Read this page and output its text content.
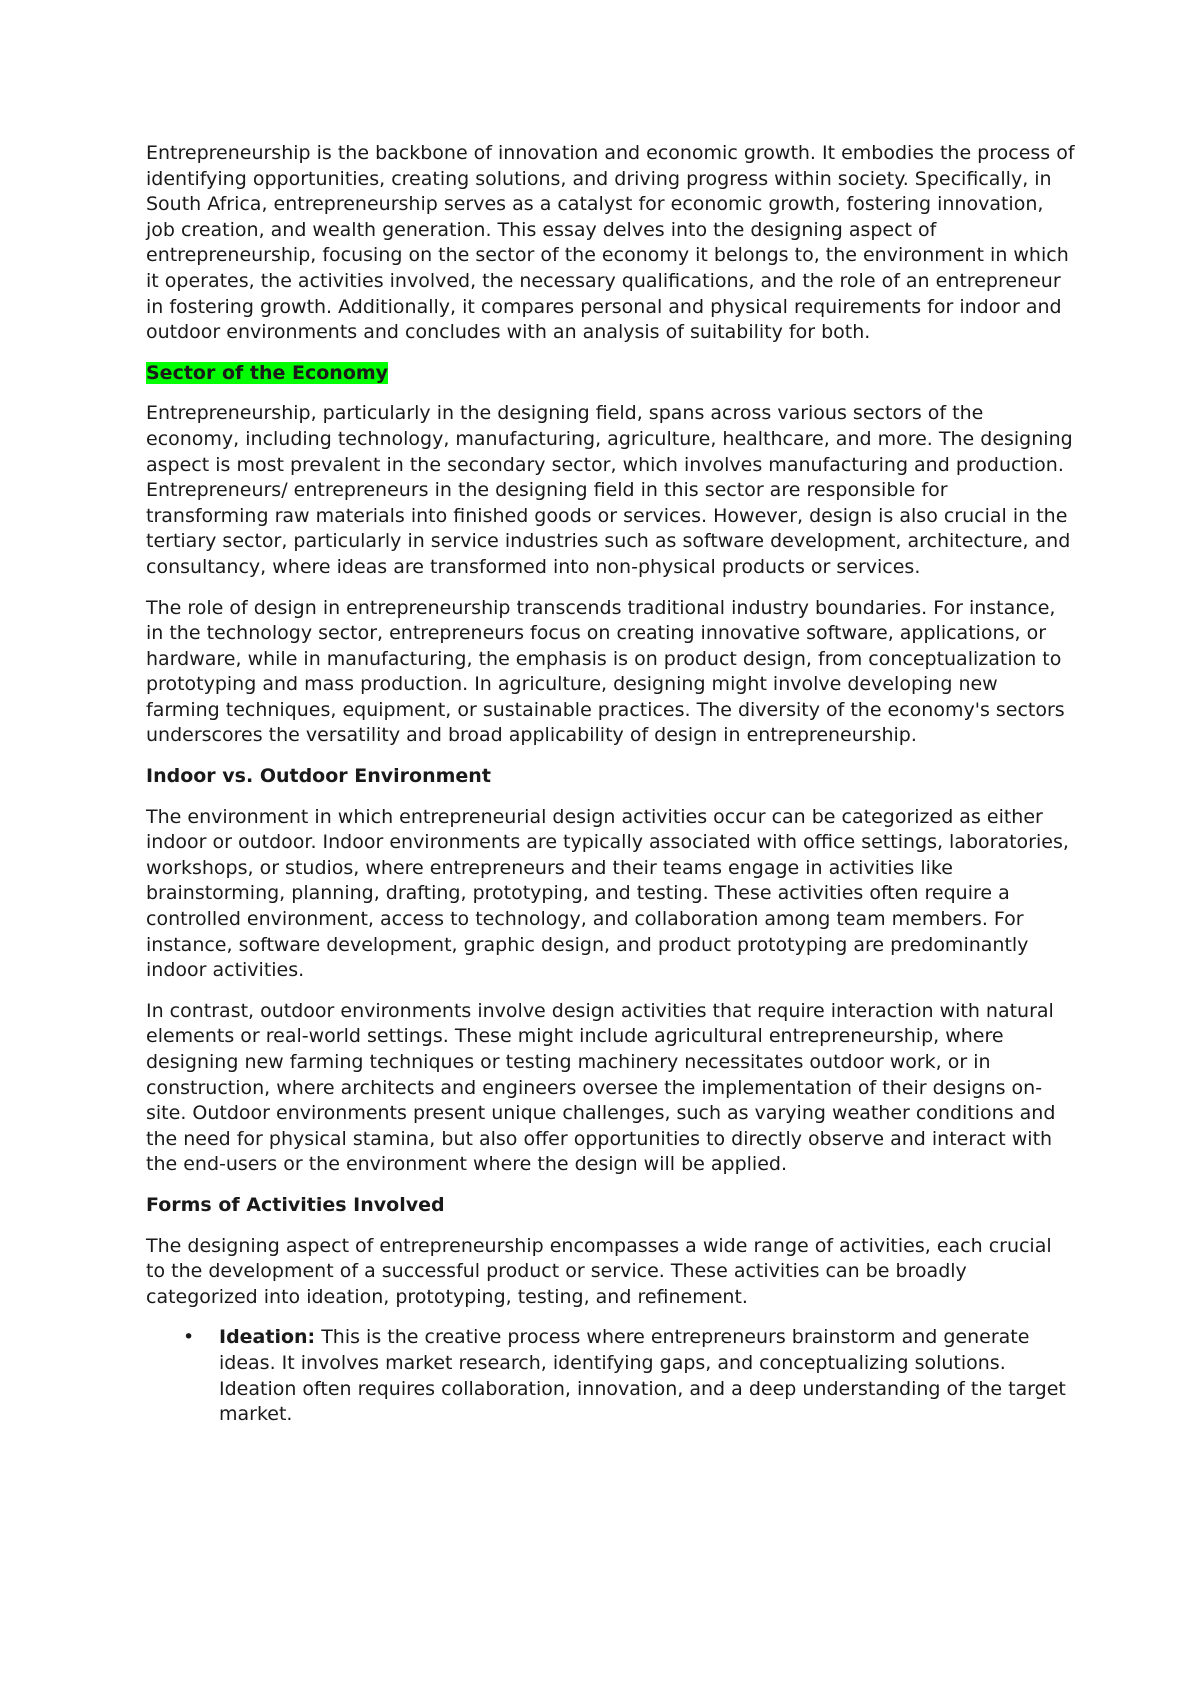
Entrepreneurship is the backbone of innovation and economic growth. It embodies the process of identifying opportunities, creating solutions, and driving progress within society. Specifically, in South Africa, entrepreneurship serves as a catalyst for economic growth, fostering innovation, job creation, and wealth generation. This essay delves into the designing aspect of entrepreneurship, focusing on the sector of the economy it belongs to, the environment in which it operates, the activities involved, the necessary qualifications, and the role of an entrepreneur in fostering growth. Additionally, it compares personal and physical requirements for indoor and outdoor environments and concludes with an analysis of suitability for both.

Sector of the Economy

Entrepreneurship, particularly in the designing field, spans across various sectors of the economy, including technology, manufacturing, agriculture, healthcare, and more. The designing aspect is most prevalent in the secondary sector, which involves manufacturing and production. Entrepreneurs/ entrepreneurs in the designing field in this sector are responsible for transforming raw materials into finished goods or services. However, design is also crucial in the tertiary sector, particularly in service industries such as software development, architecture, and consultancy, where ideas are transformed into non-physical products or services.

The role of design in entrepreneurship transcends traditional industry boundaries. For instance, in the technology sector, entrepreneurs focus on creating innovative software, applications, or hardware, while in manufacturing, the emphasis is on product design, from conceptualization to prototyping and mass production. In agriculture, designing might involve developing new farming techniques, equipment, or sustainable practices. The diversity of the economy's sectors underscores the versatility and broad applicability of design in entrepreneurship.

Indoor vs. Outdoor Environment

The environment in which entrepreneurial design activities occur can be categorized as either indoor or outdoor. Indoor environments are typically associated with office settings, laboratories, workshops, or studios, where entrepreneurs and their teams engage in activities like brainstorming, planning, drafting, prototyping, and testing. These activities often require a controlled environment, access to technology, and collaboration among team members. For instance, software development, graphic design, and product prototyping are predominantly indoor activities.

In contrast, outdoor environments involve design activities that require interaction with natural elements or real-world settings. These might include agricultural entrepreneurship, where designing new farming techniques or testing machinery necessitates outdoor work, or in construction, where architects and engineers oversee the implementation of their designs on-site. Outdoor environments present unique challenges, such as varying weather conditions and the need for physical stamina, but also offer opportunities to directly observe and interact with the end-users or the environment where the design will be applied.

Forms of Activities Involved

The designing aspect of entrepreneurship encompasses a wide range of activities, each crucial to the development of a successful product or service. These activities can be broadly categorized into ideation, prototyping, testing, and refinement.

• Ideation: This is the creative process where entrepreneurs brainstorm and generate ideas. It involves market research, identifying gaps, and conceptualizing solutions. Ideation often requires collaboration, innovation, and a deep understanding of the target market.
